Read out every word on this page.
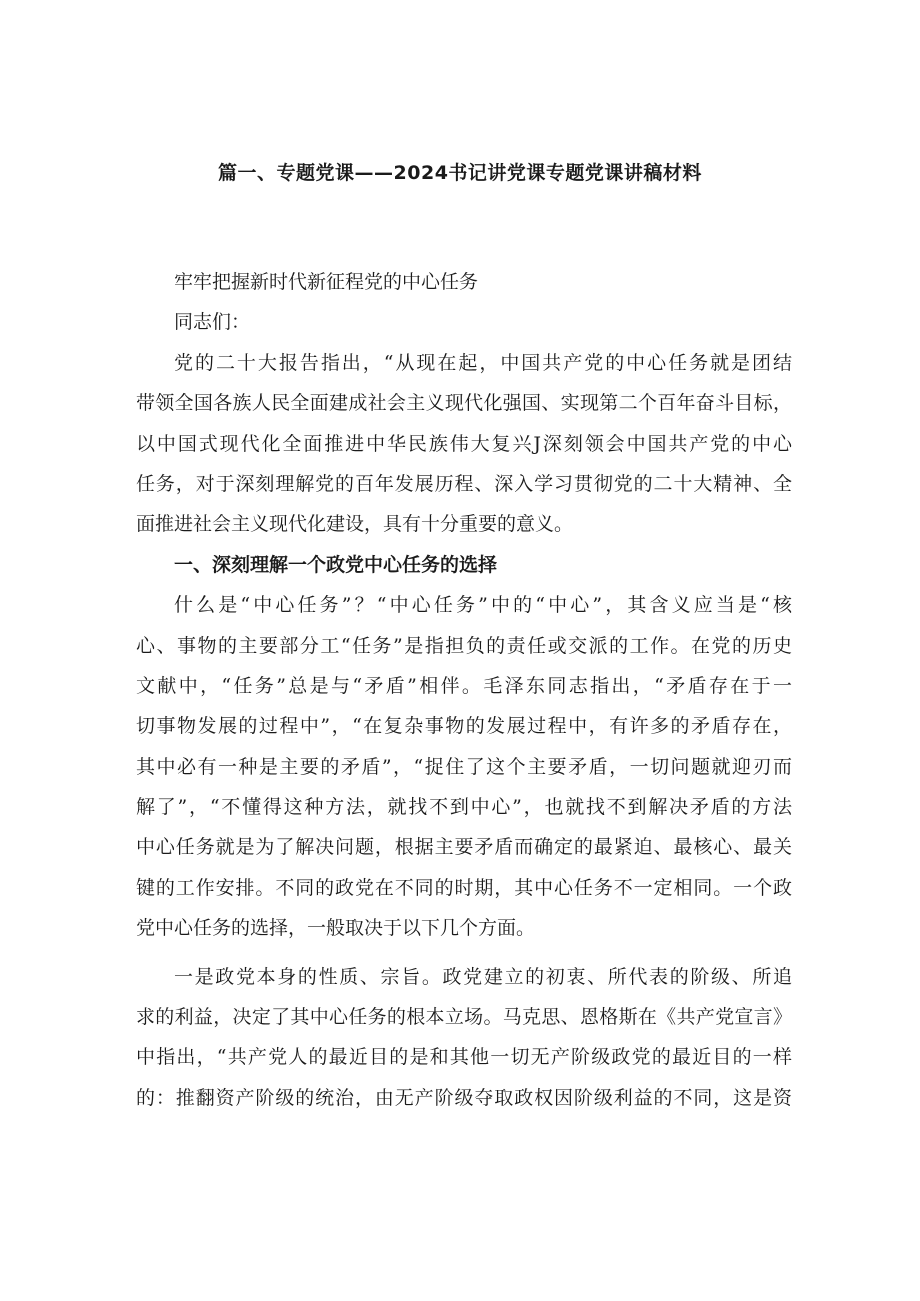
篇一、专题党课——2024书记讲党课专题党课讲稿材料
牢牢把握新时代新征程党的中心任务
同志们：
党的二十大报告指出，“从现在起，中国共产党的中心任务就是团结
带领全国各族人民全面建成社会主义现代化强国、实现第二个百年奋斗目标，
以中国式现代化全面推进中华民族伟大复兴J深刻领会中国共产党的中心
任务，对于深刻理解党的百年发展历程、深入学习贯彻党的二十大精神、全
面推进社会主义现代化建设，具有十分重要的意义。
一、深刻理解一个政党中心任务的选择
什么是“中心任务”？“中心任务”中的“中心”，其含义应当是“核
心、事物的主要部分工“任务”是指担负的责任或交派的工作。在党的历史
文献中，“任务”总是与“矛盾”相伴。毛泽东同志指出，“矛盾存在于一
切事物发展的过程中”，“在复杂事物的发展过程中，有许多的矛盾存在，
其中必有一种是主要的矛盾”，“捉住了这个主要矛盾，一切问题就迎刃而
解了”，“不懂得这种方法，就找不到中心”，也就找不到解决矛盾的方法
中心任务就是为了解决问题，根据主要矛盾而确定的最紧迫、最核心、最关
键的工作安排。不同的政党在不同的时期，其中心任务不一定相同。一个政
党中心任务的选择，一般取决于以下几个方面。
一是政党本身的性质、宗旨。政党建立的初衷、所代表的阶级、所追
求的利益，决定了其中心任务的根本立场。马克思、恩格斯在《共产党宣言》
中指出，“共产党人的最近目的是和其他一切无产阶级政党的最近目的一样
的：推翻资产阶级的统治，由无产阶级夺取政权因阶级利益的不同，这是资
